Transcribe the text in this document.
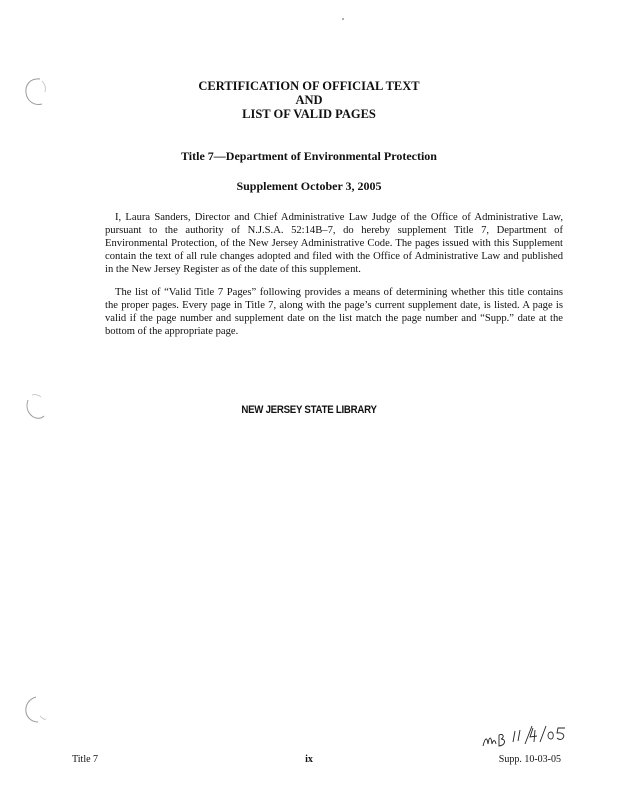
CERTIFICATION OF OFFICIAL TEXT
AND
LIST OF VALID PAGES
Title 7—Department of Environmental Protection
Supplement October 3, 2005

I, Laura Sanders, Director and Chief Administrative Law Judge of the Office of Administrative Law, pursuant to the authority of N.J.S.A. 52:14B–7, do hereby supplement Title 7, Department of Environmental Protection, of the New Jersey Administrative Code. The pages issued with this Supplement contain the text of all rule changes adopted and filed with the Office of Administrative Law and published in the New Jersey Register as of the date of this supplement.

The list of “Valid Title 7 Pages” following provides a means of determining whether this title contains the proper pages. Every page in Title 7, along with the page’s current supplement date, is listed. A page is valid if the page number and supplement date on the list match the page number and “Supp.” date at the bottom of the appropriate page.

NEW JERSEY STATE LIBRARY
Title 7	ix	Supp. 10-03-05
